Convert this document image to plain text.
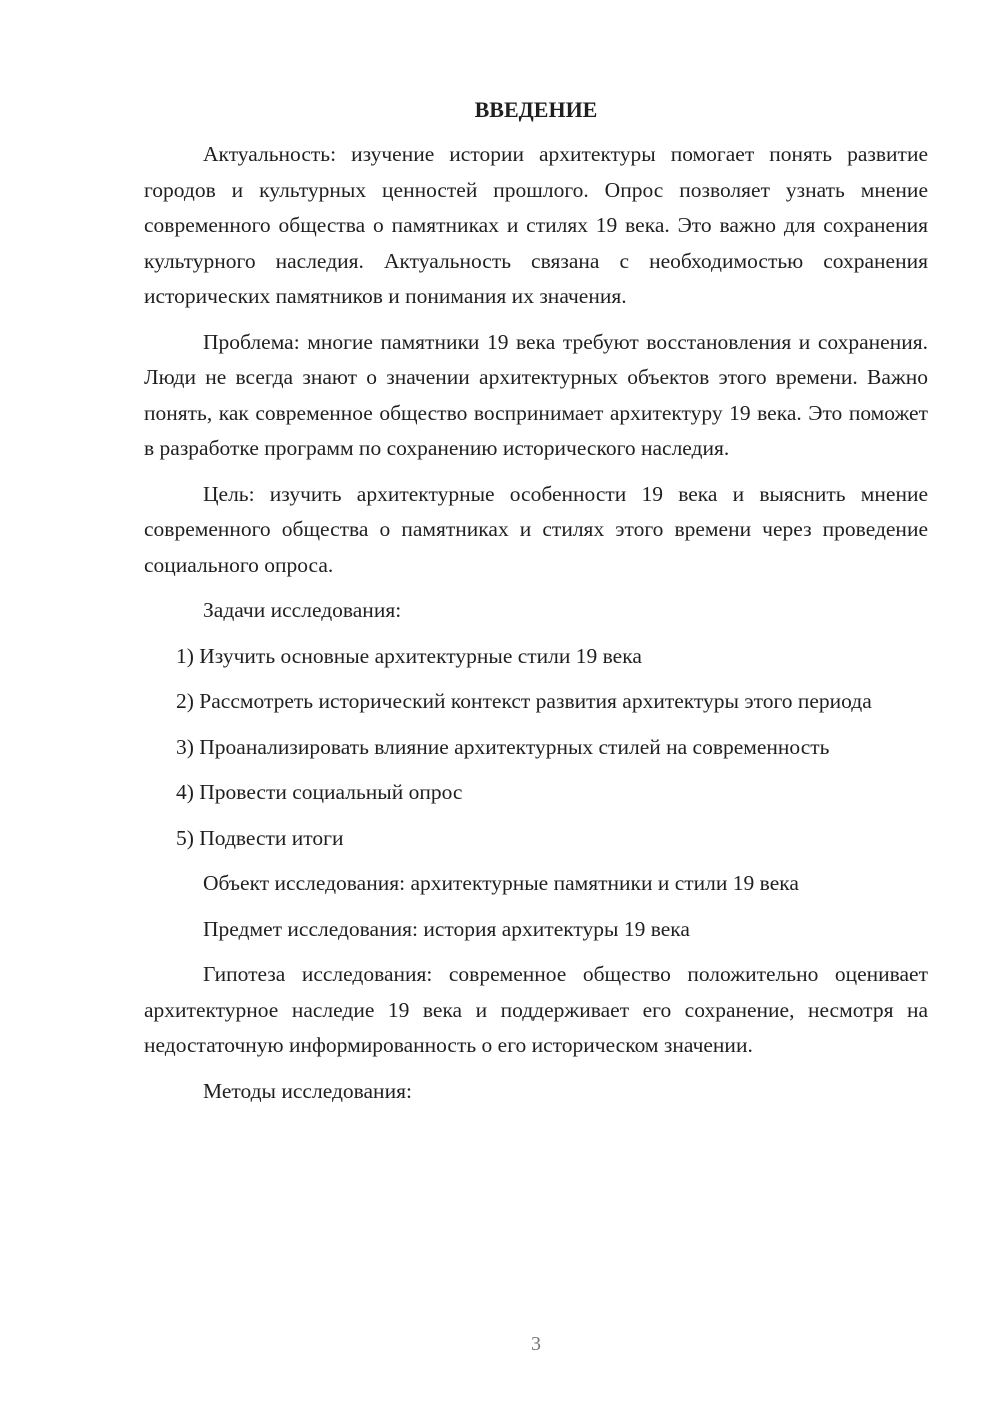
ВВЕДЕНИЕ

Актуальность: изучение истории архитектуры помогает понять развитие городов и культурных ценностей прошлого. Опрос позволяет узнать мнение современного общества о памятниках и стилях 19 века. Это важно для сохранения культурного наследия. Актуальность связана с необходимостью сохранения исторических памятников и понимания их значения.

Проблема: многие памятники 19 века требуют восстановления и сохранения. Люди не всегда знают о значении архитектурных объектов этого времени. Важно понять, как современное общество воспринимает архитектуру 19 века. Это поможет в разработке программ по сохранению исторического наследия.

Цель: изучить архитектурные особенности 19 века и выяснить мнение современного общества о памятниках и стилях этого времени через проведение социального опроса.

Задачи исследования:

1) Изучить основные архитектурные стили 19 века

2) Рассмотреть исторический контекст развития архитектуры этого периода

3) Проанализировать влияние архитектурных стилей на современность

4) Провести социальный опрос

5) Подвести итоги

Объект исследования: архитектурные памятники и стили 19 века

Предмет исследования: история архитектуры 19 века

Гипотеза исследования: современное общество положительно оценивает архитектурное наследие 19 века и поддерживает его сохранение, несмотря на недостаточную информированность о его историческом значении.

Методы исследования:

3
